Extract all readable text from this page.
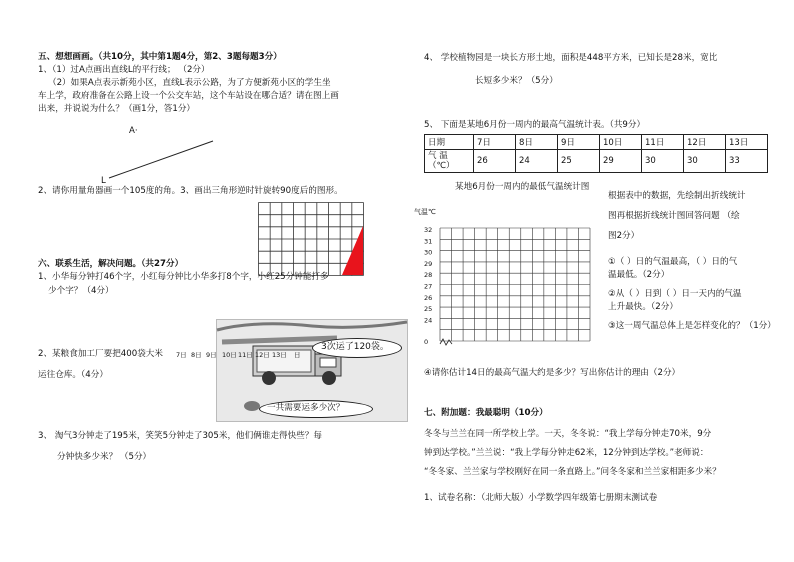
五、想想画画。（共10分，其中第1题4分，第2、3题每题3分）
1、（1）过A点画出直线L的平行线； （2分）
（2）如果A点表示新苑小区，直线L表示公路，为了方便新苑小区的学生坐
车上学，政府准备在公路上设一个公交车站，这个车站设在哪合适？请在图上画
出来，并说说为什么？（画1分，答1分）
A·
L
2、请你用量角器画一个105度的角。3、画出三角形逆时针旋转90度后的图形。
六、联系生活，解决问题。（共27分）
1、小华每分钟打46个字，小红每分钟比小华多打8个字，小红25分钟能打多
少个字？（4分）
2、某粮食加工厂要把400袋大米
运往仓库。（4分）
3次运了120袋。
一共需要运多少次？
3、 淘气3分钟走了195米，笑笑5分钟走了305米，他们俩谁走得快些？每
分钟快多少米？ （5分）
4、 学校植物园是一块长方形土地，面积是448平方米，已知长是28米，宽比
长短多少米？（5分）
5、 下面是某地6月份一周内的最高气温统计表。（共9分）
日期	7日	8日	9日	10日	11日	12日	13日

气 温
（℃）	26	24	25	29	30	30	33
某地6月份一周内的最低气温统计图
气温℃
32
31
30
29
28
27
26
25
24
0
7日 8日 9日 10日 11日 12日 13日 日
根据表中的数据，先绘制出折线统计
图再根据折线统计图回答问题 （绘
图2分）
①（ ）日的气温最高，（ ）日的气
温最低。（2分）
②从（ ）日到（ ）日一天内的气温
上升最快。（2分）
③这一周气温总体上是怎样变化的？（1分）
④请你估计14日的最高气温大约是多少？写出你估计的理由（2分）
七、附加题：我最聪明（10分）
冬冬与兰兰在同一所学校上学。一天，冬冬说：“我上学每分钟走70米，9分
钟到达学校。”兰兰说：“我上学每分钟走62米，12分钟到达学校。”老师说：
“冬冬家、兰兰家与学校刚好在同一条直路上。”问冬冬家和兰兰家相距多少米？
1、试卷名称：（北师大版）小学数学四年级第七册期末测试卷
